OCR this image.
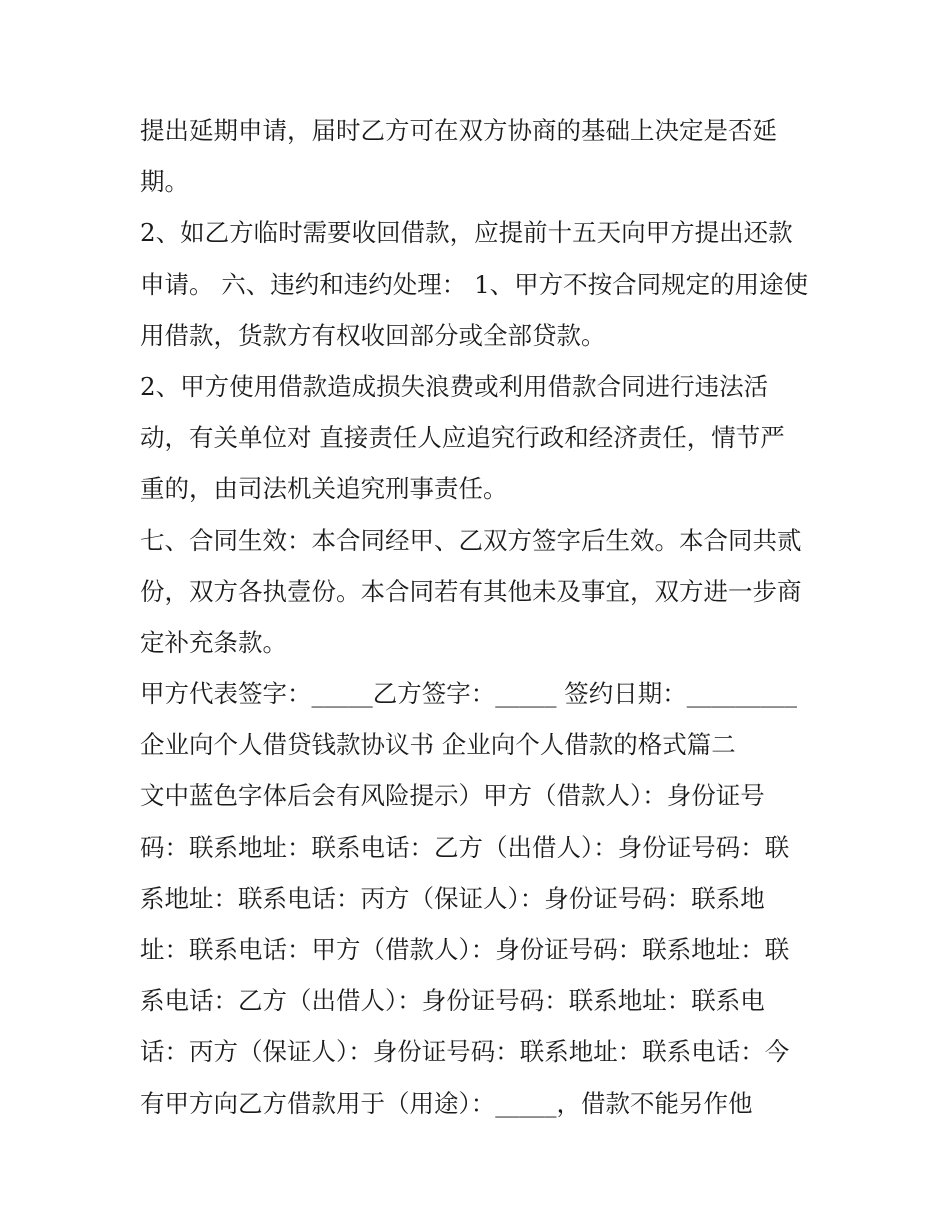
提出延期申请，届时乙方可在双方协商的基础上决定是否延
期。
2、如乙方临时需要收回借款，应提前十五天向甲方提出还款
申请。 六、违约和违约处理： 1、甲方不按合同规定的用途使
用借款，货款方有权收回部分或全部贷款。
2、甲方使用借款造成损失浪费或利用借款合同进行违法活
动，有关单位对 直接责任人应追究行政和经济责任，情节严
重的，由司法机关追究刑事责任。
七、合同生效：本合同经甲、乙双方签字后生效。本合同共贰
份，双方各执壹份。本合同若有其他未及事宜，双方进一步商
定补充条款。
甲方代表签字：_____乙方签字：_____ 签约日期：_________
企业向个人借贷钱款协议书 企业向个人借款的格式篇二
文中蓝色字体后会有风险提示）甲方（借款人）：身份证号
码：联系地址：联系电话：乙方（出借人）：身份证号码：联
系地址：联系电话：丙方（保证人）：身份证号码：联系地
址：联系电话：甲方（借款人）：身份证号码：联系地址：联
系电话：乙方（出借人）：身份证号码：联系地址：联系电
话：丙方（保证人）：身份证号码：联系地址：联系电话：今
有甲方向乙方借款用于（用途）：_____，借款不能另作他
